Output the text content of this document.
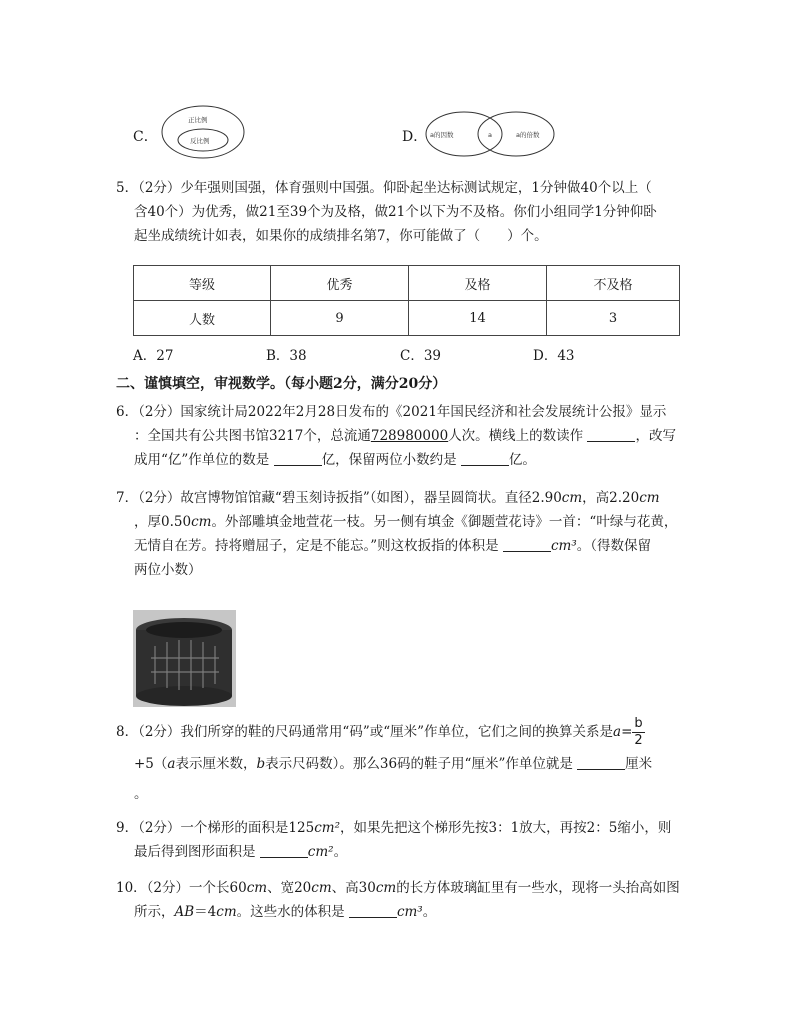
C．
正比例
反比例	D． a的因数	a	a的倍数

5．（2分）少年强则国强，体育强则中国强。仰卧起坐达标测试规定，1分钟做40个以上（

含40个）为优秀，做21至39个为及格，做21个以下为不及格。你们小组同学1分钟仰卧

起坐成绩统计如表，如果你的成绩排名第7，你可能做了（　　）个。

等级	优秀	及格	不及格
人数	9	14	3
A．27	B．38	C．39	D．43
二、谨慎填空，审视数学。（每小题2分，满分20分）

6．（2分）国家统计局2022年2月28日发布的《2021年国民经济和社会发展统计公报》显示

：全国共有公共图书馆3217个，总流通728980000人次。横线上的数读作	，改写

成用“亿”作单位的数是	亿，保留两位小数约是	亿。

7．（2分）故宫博物馆馆藏“碧玉刻诗扳指”（如图），器呈圆筒状。直径2.90cm，高2.20cm

，厚0.50cm。外部雕填金地萱花一枝。另一侧有填金《御题萱花诗》一首：“叶绿与花黄，

无情自在芳。持将赠屈子，定是不能忘。”则这枚扳指的体积是	cm³。（得数保留

两位小数）

8．（2分）我们所穿的鞋的尺码通常用“码”或“厘米”作单位，它们之间的换算关系是$a= \frac{b}{2}$

+5（a表示厘米数，b表示尺码数）。那么36码的鞋子用“厘米”作单位就是	厘米

。

9．（2分）一个梯形的面积是125cm²，如果先把这个梯形先按3：1放大，再按2：5缩小，则

最后得到图形面积是	cm²。

10．（2分）一个长60cm、宽20cm、高30cm的长方体玻璃缸里有一些水，现将一头抬高如图

所示，AB＝4cm。这些水的体积是	cm³。
